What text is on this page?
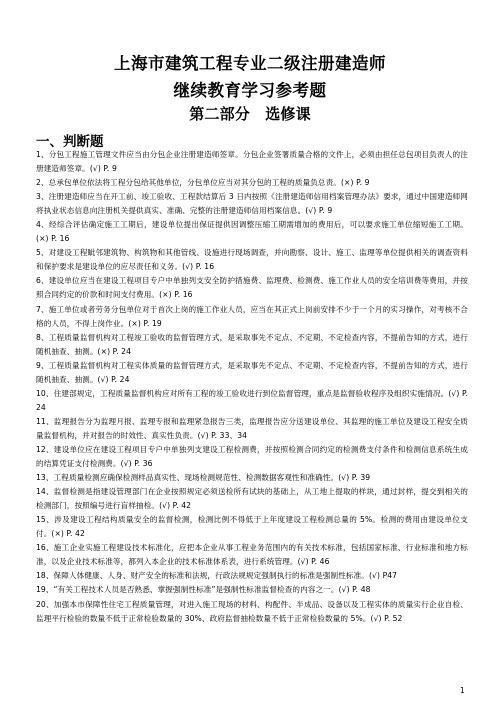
上海市建筑工程专业二级注册建造师
继续教育学习参考题
第二部分　选修课
一、判断题

1、分包工程施工管理文件应当由分包企业注册建造师签章。分包企业签署质量合格的文件上，必须由担任总包项目负责人的注册建造师签章。(√) P. 9

2、总承包单位依法将工程分包给其他单位，分包单位应当对其分包的工程的质量负总责。(×) P. 9

3、注册建造师应当在开工前、竣工验收、工程款结算后 3 日内按照《注册建造师信用档案管理办法》要求，通过中国建造师网将执业状态信息向注册机关提供真实、准确、完整的注册建造师信用档案信息。(√) P. 9

4、经综合评估确定施工工期后，建设单位提出保证提供因调整压缩工期需增加的费用后，可以要求施工单位缩短施工工期。(×) P. 16

5、对建设工程眦邻建筑物、构筑物和其他管线、设施进行现场调查，并向勘察、设计、施工、监理等单位提供相关的调查资料和保护要求是建设单位的应尽责任和义务。(√) P. 16

6、建设单位应当在建设工程项目专户中单独列支安全防护措施费、监理费、检测费、施工作业人员的安全培训费等费用，并按照合同约定的价款和时间支付费用。(×) P. 16

7、施工单位或者劳务分包单位对于首次上岗的施工作业人员，应当在其正式上岗前安排不少于一个月的实习操作，对考核不合格的人员，不得上岗作业。(×) P. 19

8、工程质量监督机构对工程竣工验收的监督管理方式，是采取事先不定点、不定期、不定检查内容，不提前告知的方式，进行随机抽查、抽测。(×) P. 24

9、工程质量监督机构对工程实体质量的监督管理方式，是采取事先不定点、不定期、不定检查内容，不提前告知的方式，进行随机抽查、抽测。(√) P. 24

10、住建部规定，工程质量监督机构应对所有工程的竣工验收进行到位监督管理，重点是监督验收程序及组织实施情况。(√) P. 24

11、监理报告分为监理月报、监理专报和监理紧急报告三类，监理报告应分送建设单位、其监理的施工单位及建设工程安全质量监督机构，并对报告的时效性、真实性负责。(√) P. 33、34

12、建设单位应在建设工程项目专户中单独列支建设工程检测费，并按照检测合同约定的检测费支付条件和检测信息系统生成的结算凭证支付检测费。(√) P. 36

13、工程质量检测应确保检测样品真实性、现场检测规范性、检测数据客观性和准确性。(√) P. 39

14、监督检测是指建设管理部门在企业按照规定必须送检所有试块的基础上，从工地上提取的样块，通过封样，提交到相关的检测部门，按照编号进行盲样抽检。(√) P. 42

15、涉及建设工程结构质量安全的监督检测，检测比例不得低于上年度建设工程检测总量的 5%。检测的费用由建设单位支付。(×) P. 42

16、施工企业实施工程建设技术标准化，应把本企业从事工程业务范围内的有关技术标准，包括国家标准、行业标准和地方标准，以及企业技术标准等，都列入本企业的技术标准体系表，进行系统管理。(√) P. 46

18、保障人体健康、人身、财产安全的标准和法规，行政法规规定强制执行的标准是强制性标准。(√) P47

19、“有关工程技术人员是否熟悉、掌握强制性标准”是强制性标准监督检查的内容之一。(√) P. 48

20、加强本市保障性住宅工程质量管理，对进入施工现场的材料、构配件、半成品、设备以及工程实体的质量实行企业自检、监理平行检验的数量不低于正常检验数量的 30%、政府监督抽检数量不低于正常检验数量的 5%。(√) P. 52

1
